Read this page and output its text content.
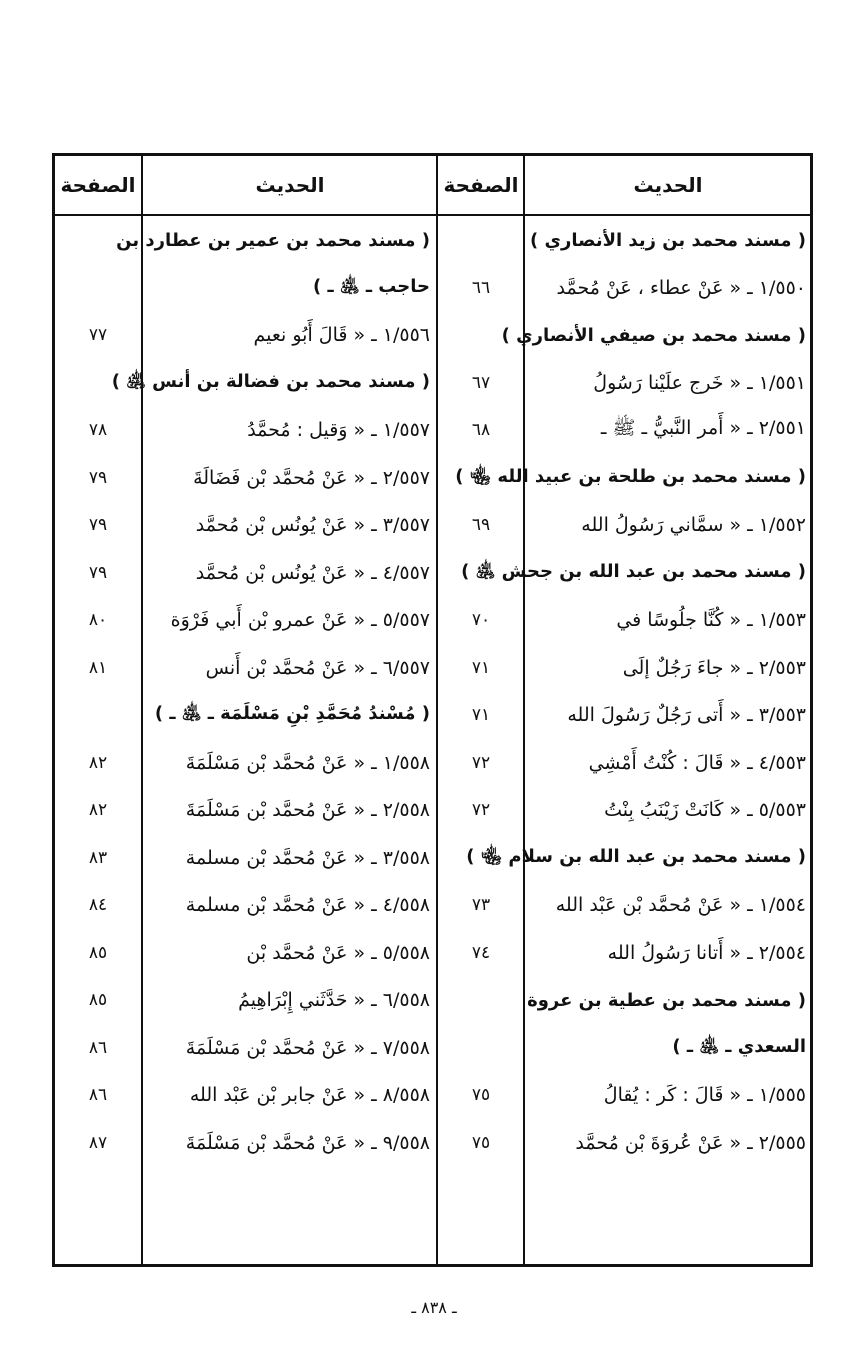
الحديث
الصفحة
الحديث
الصفحة
( مسند محمد بن زيد الأنصاري )
١/٥٥٠ ـ « عَنْ عطاء ، عَنْ مُحمَّد
٦٦
( مسند محمد بن صيفي الأنصاري )
١/٥٥١ ـ « خَرج علَيْنا رَسُولُ
٦٧
٢/٥٥١ ـ « أَمر النَّبيُّ ـ ﷺ ـ
٦٨
( مسند محمد بن طلحة بن عبيد الله ﵄ )
١/٥٥٢ ـ « سمَّاني رَسُولُ الله
٦٩
( مسند محمد بن عبد الله بن جحش ﵁ )
١/٥٥٣ ـ « كُنَّا جلُوسًا في
٧٠
٢/٥٥٣ ـ « جاءَ رَجُلٌ إلَى
٧١
٣/٥٥٣ ـ « أَتى رَجُلٌ رَسُولَ الله
٧١
٤/٥٥٣ ـ « قَالَ : كُنْتُ أَمْشِي
٧٢
٥/٥٥٣ ـ « كَانَتْ زَيْنَبُ بِنْتُ
٧٢
( مسند محمد بن عبد الله بن سلام ﵄ )
١/٥٥٤ ـ « عَنْ مُحمَّد بْن عَبْد الله
٧٣
٢/٥٥٤ ـ « أَتانا رَسُولُ الله
٧٤
( مسند محمد بن عطية بن عروة
السعدي ـ ﵁ ـ )
١/٥٥٥ ـ « قَالَ : كَر : يُقالُ
٧٥
٢/٥٥٥ ـ « عَنْ عُروَةَ بْن مُحمَّد
٧٥
( مسند محمد بن عمير بن عطارد بن
حاجب ـ ﵁ ـ )
١/٥٥٦ ـ « قَالَ أَبُو نعيم
٧٧
( مسند محمد بن فضالة بن أنس ﵁ )
١/٥٥٧ ـ « وَقيل : مُحمَّدُ
٧٨
٢/٥٥٧ ـ « عَنْ مُحمَّد بْن فَضَالَةَ
٧٩
٣/٥٥٧ ـ « عَنْ يُونُس بْن مُحمَّد
٧٩
٤/٥٥٧ ـ « عَنْ يُونُس بْن مُحمَّد
٧٩
٥/٥٥٧ ـ « عَنْ عمرو بْن أَبي فَرْوَة
٨٠
٦/٥٥٧ ـ « عَنْ مُحمَّد بْن أَنس
٨١
( مُسْندُ مُحَمَّدِ بْنِ مَسْلَمَة ـ ﵁ ـ )
١/٥٥٨ ـ « عَنْ مُحمَّد بْن مَسْلَمَةَ
٨٢
٢/٥٥٨ ـ « عَنْ مُحمَّد بْن مَسْلَمَةَ
٨٢
٣/٥٥٨ ـ « عَنْ مُحمَّد بْن مسلمة
٨٣
٤/٥٥٨ ـ « عَنْ مُحمَّد بْن مسلمة
٨٤
٥/٥٥٨ ـ « عَنْ مُحمَّد بْن
٨٥
٦/٥٥٨ ـ « حَدَّثَني إِبْرَاهِيمُ
٨٥
٧/٥٥٨ ـ « عَنْ مُحمَّد بْن مَسْلَمَةَ
٨٦
٨/٥٥٨ ـ « عَنْ جابر بْن عَبْد الله
٨٦
٩/٥٥٨ ـ « عَنْ مُحمَّد بْن مَسْلَمَةَ
٨٧
ـ ٨٣٨ ـ
